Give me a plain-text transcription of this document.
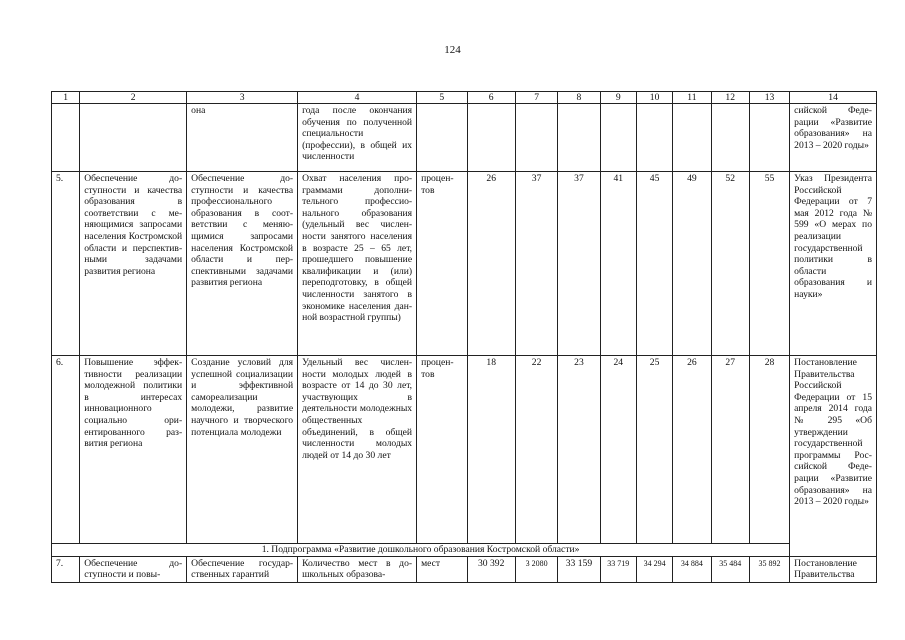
124
1	2	3	4	5	6	7	8	9	10	11	12	13	14
		она	года после окончания обучения по полученной специальности (профессии), в общей их численности										сийской Федерации «Развитие образования» на 2013 – 2020 годы»
5.	Обеспечение доступности и качества образования в соответствии с меняющимися запросами населения Костромской области и перспективными задачами развития региона	Обеспечение доступности и качества профессионального образования в соответствии с меняющимися запросами населения Костромской области и перспективными задачами развития региона	Охват населения программами дополнительного профессионального образования (удельный вес численности занятого населения в возрасте 25 – 65 лет, прошедшего повышение квалификации и (или) переподготовку, в общей численности занятого в экономике населения данной возрастной группы)	процентов	26	37	37	41	45	49	52	55	Указ Президента Российской Федерации от 7 мая 2012 года № 599 «О мерах по реализации государственной политики в области образования и науки»
6.	Повышение эффективности реализации молодежной политики в интересах инновационного социально ориентированного развития региона	Создание условий для успешной социализации и эффективной самореализации молодежи, развитие научного и творческого потенциала молодежи	Удельный вес численности молодых людей в возрасте от 14 до 30 лет, участвующих в деятельности молодежных общественных объединений, в общей численности молодых людей от 14 до 30 лет	процентов	18	22	23	24	25	26	27	28	Постановление Правительства Российской Федерации от 15 апреля 2014 года № 295 «Об утверждении государственной программы Российской Федерации «Развитие образования» на 2013 – 2020 годы»
1. Подпрограмма «Развитие дошкольного образования Костромской области»													
7.	Обеспечение доступности и повы-	Обеспечение государственных гарантий	Количество мест в дошкольных образова-	мест	30 392	3 2080	33 159	33 719	34 294	34 884	35 484	35 892	Постановление Правительства
